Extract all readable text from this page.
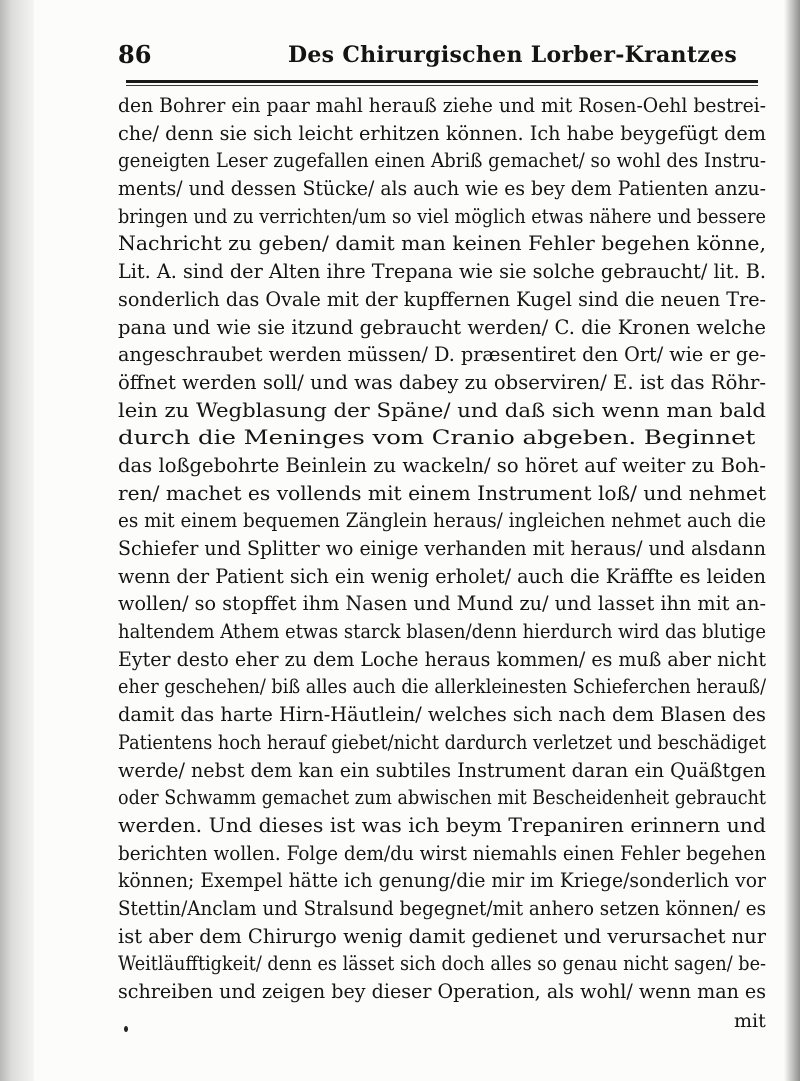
86	Des Chirurgischen Lorber-Krantzes
den Bohrer ein paar mahl herauß ziehe und mit Rosen-Oehl bestrei-
che/ denn sie sich leicht erhitzen können. Ich habe beygefügt dem
geneigten Leser zugefallen einen Abriß gemachet/ so wohl des Instru-
ments/ und dessen Stücke/ als auch wie es bey dem Patienten anzu-
bringen und zu verrichten/um so viel möglich etwas nähere und bessere
Nachricht zu geben/ damit man keinen Fehler begehen könne,
Lit. A. sind der Alten ihre Trepana wie sie solche gebraucht/ lit. B.
sonderlich das Ovale mit der kupffernen Kugel sind die neuen Tre-
pana und wie sie itzund gebraucht werden/ C. die Kronen welche
angeschraubet werden müssen/ D. præsentiret den Ort/ wie er ge-
öffnet werden soll/ und was dabey zu observiren/ E. ist das Röhr-
lein zu Wegblasung der Späne/ und daß sich wenn man bald
durch die Meninges vom Cranio abgeben. Beginnet
das loßgebohrte Beinlein zu wackeln/ so höret auf weiter zu Boh-
ren/ machet es vollends mit einem Instrument loß/ und nehmet
es mit einem bequemen Zänglein heraus/ ingleichen nehmet auch die
Schiefer und Splitter wo einige verhanden mit heraus/ und alsdann
wenn der Patient sich ein wenig erholet/ auch die Kräffte es leiden
wollen/ so stopffet ihm Nasen und Mund zu/ und lasset ihn mit an-
haltendem Athem etwas starck blasen/denn hierdurch wird das blutige
Eyter desto eher zu dem Loche heraus kommen/ es muß aber nicht
eher geschehen/ biß alles auch die allerkleinesten Schieferchen herauß/
damit das harte Hirn-Häutlein/ welches sich nach dem Blasen des
Patientens hoch herauf giebet/nicht dardurch verletzet und beschädiget
werde/ nebst dem kan ein subtiles Instrument daran ein Quäßtgen
oder Schwamm gemachet zum abwischen mit Bescheidenheit gebraucht
werden. Und dieses ist was ich beym Trepaniren erinnern und
berichten wollen. Folge dem/du wirst niemahls einen Fehler begehen
können; Exempel hätte ich genung/die mir im Kriege/sonderlich vor
Stettin/Anclam und Stralsund begegnet/mit anhero setzen können/ es
ist aber dem Chirurgo wenig damit gedienet und verursachet nur
Weitläufftigkeit/ denn es lässet sich doch alles so genau nicht sagen/ be-
schreiben und zeigen bey dieser Operation, als wohl/ wenn man es
mit
